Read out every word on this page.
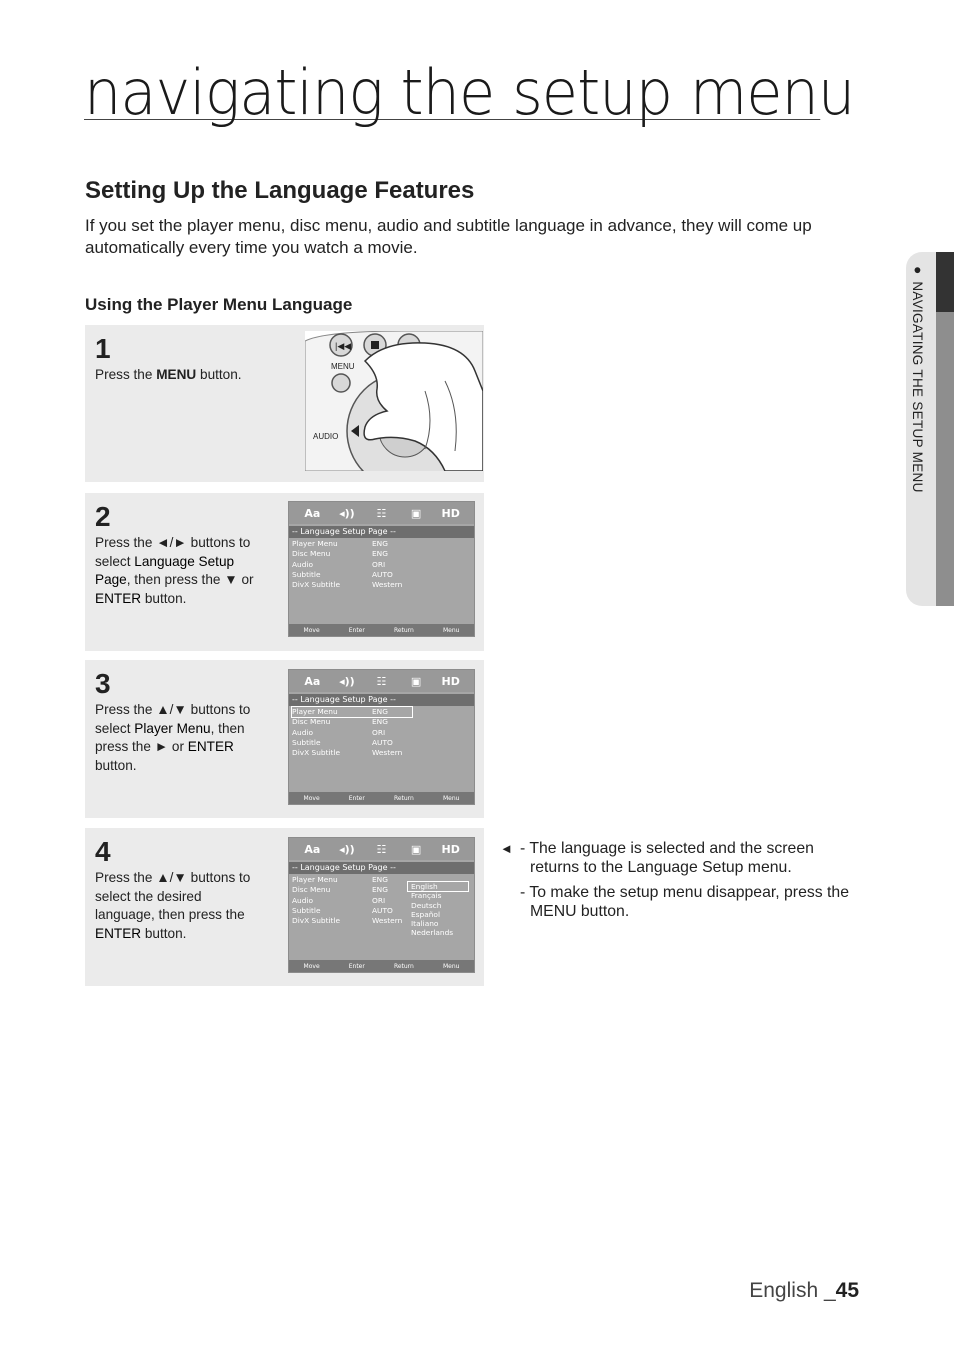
navigating the setup menu
Setting Up the Language Features

If you set the player menu, disc menu, audio and subtitle language in advance, they will come up automatically every time you watch a movie.

Using the Player Menu Language
1

Press the MENU button.

|◀◀
MENU
AUDIO
2

Press the ◄/► buttons to select Language Setup Page, then press the ▼ or ENTER button.

Aa ◂))	☷	▣	HD
-- Language Setup Page --
Player Menu	ENG
Disc Menu	ENG
Audio	ORI
Subtitle	AUTO
DivX Subtitle	Western
Move	Enter	Return	Menu
3

Press the ▲/▼ buttons to select Player Menu, then press the ► or ENTER button.

Aa ◂))	☷	▣	HD
-- Language Setup Page --
Player Menu	ENG
Disc Menu	ENG
Audio	ORI
Subtitle	AUTO
DivX Subtitle	Western
Move	Enter	Return	Menu
4

Press the ▲/▼ buttons to select the desired language, then press the ENTER button.

Aa ◂))	☷	▣	HD
-- Language Setup Page --
Player Menu	ENG
Disc Menu	ENG
Audio	ORI
Subtitle	AUTO
DivX Subtitle	Western
English
Français
Deutsch
Español
Italiano
Nederlands
Move	Enter	Return	Menu
◄ - The language is selected and the screen returns to the Language Setup menu.

- To make the setup menu disappear, press the MENU button.

● NAVIGATING THE SETUP MENU
English _45
